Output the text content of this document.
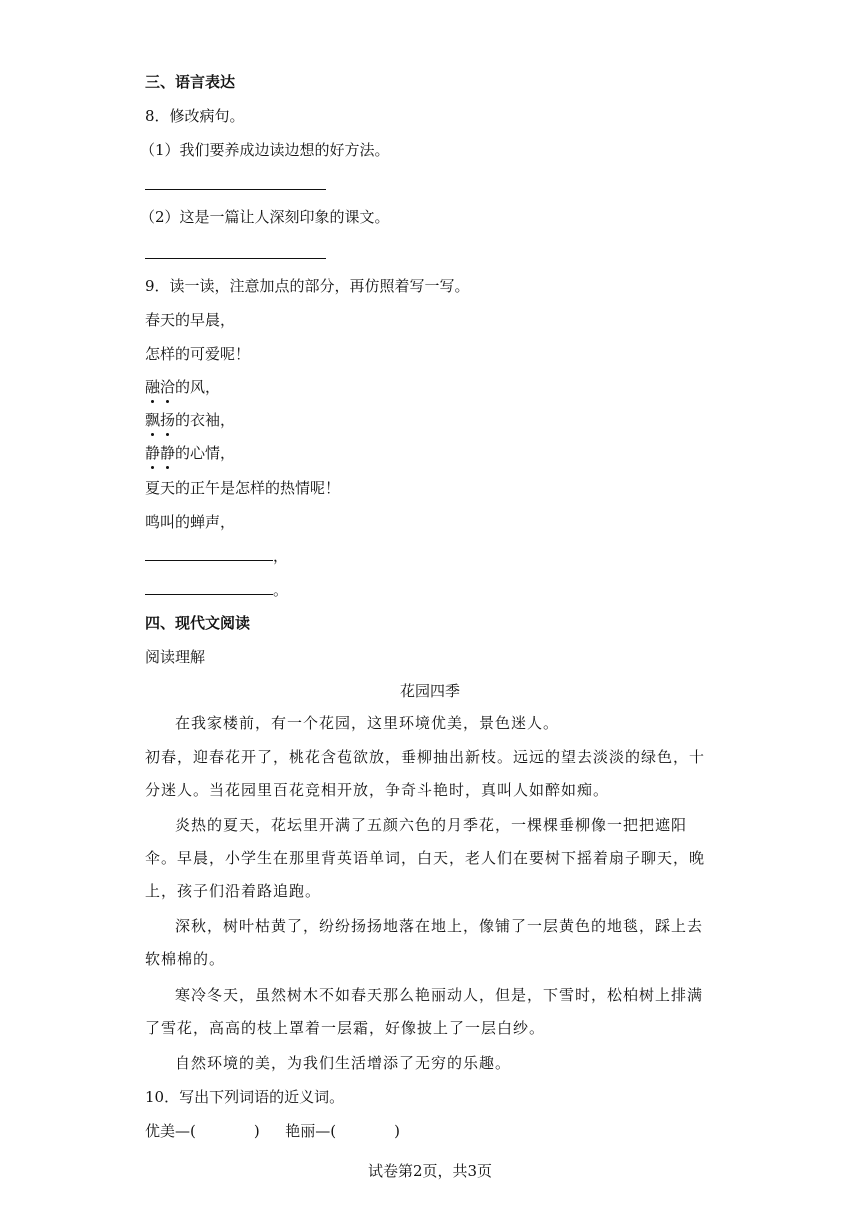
三、语言表达
8．修改病句。
（1）我们要养成边读边想的好方法。
（2）这是一篇让人深刻印象的课文。
9．读一读，注意加点的部分，再仿照着写一写。
春天的早晨，
怎样的可爱呢！
融洽的风，
飘扬的衣袖，
静静的心情，
夏天的正午是怎样的热情呢！
鸣叫的蝉声，
，
。
四、现代文阅读
阅读理解
花园四季
在我家楼前，有一个花园，这里环境优美，景色迷人。
初春，迎春花开了，桃花含苞欲放，垂柳抽出新枝。远远的望去淡淡的绿色，十分迷人。当花园里百花竞相开放，争奇斗艳时，真叫人如醉如痴。
炎热的夏天，花坛里开满了五颜六色的月季花，一棵棵垂柳像一把把遮阳伞。早晨，小学生在那里背英语单词，白天，老人们在要树下摇着扇子聊天，晚上，孩子们沿着路追跑。
深秋，树叶枯黄了，纷纷扬扬地落在地上，像铺了一层黄色的地毯，踩上去软棉棉的。
寒冷冬天，虽然树木不如春天那么艳丽动人，但是，下雪时，松柏树上排满了雪花，高高的枝上罩着一层霜，好像披上了一层白纱。
自然环境的美，为我们生活增添了无穷的乐趣。
10．写出下列词语的近义词。
优美—(	) 艳丽—(	)
试卷第2页，共3页
